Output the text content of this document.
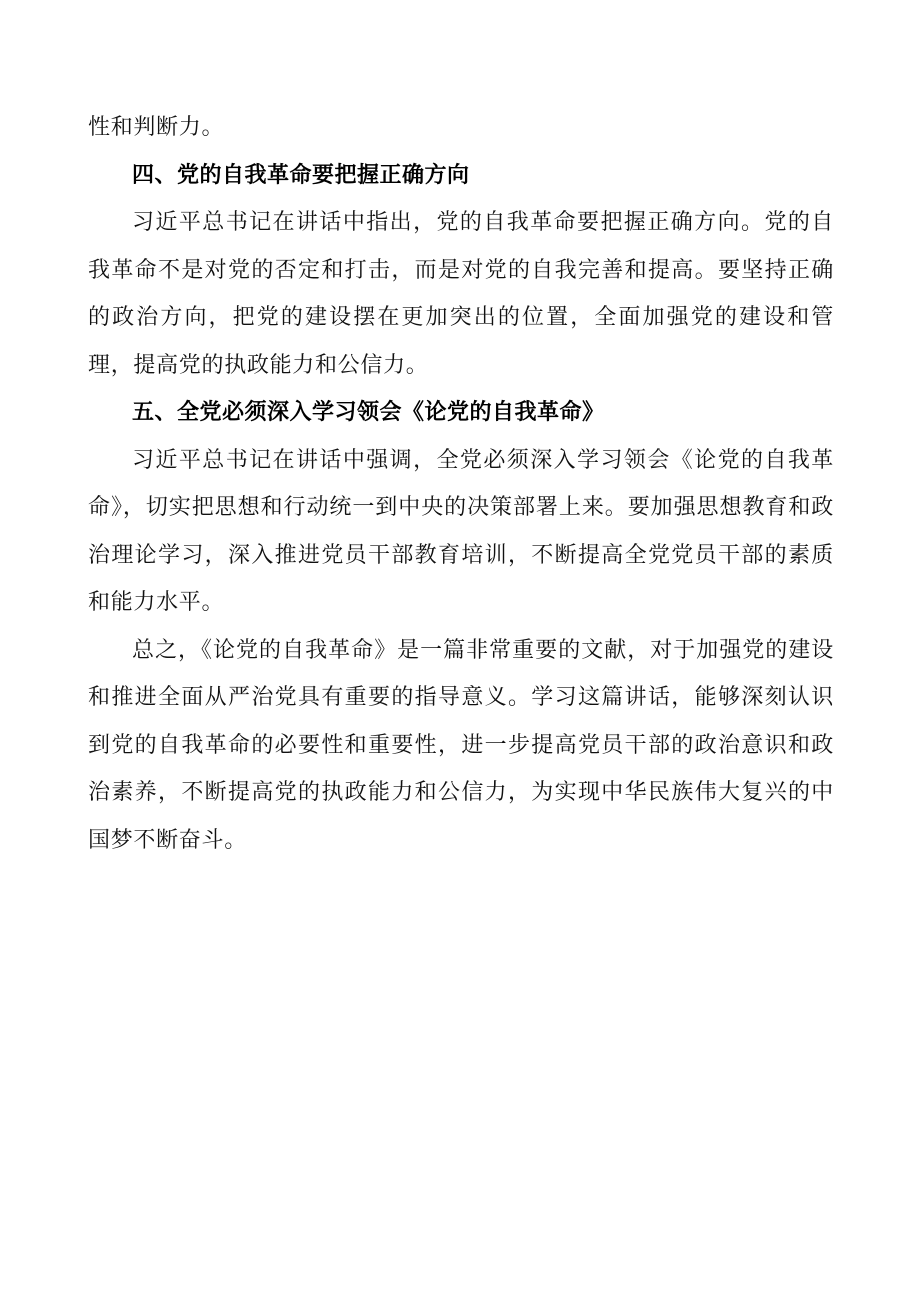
性和判断力。

四、党的自我革命要把握正确方向

习近平总书记在讲话中指出，党的自我革命要把握正确方向。党的自我革命不是对党的否定和打击，而是对党的自我完善和提高。要坚持正确的政治方向，把党的建设摆在更加突出的位置，全面加强党的建设和管理，提高党的执政能力和公信力。

五、全党必须深入学习领会《论党的自我革命》

习近平总书记在讲话中强调，全党必须深入学习领会《论党的自我革命》，切实把思想和行动统一到中央的决策部署上来。要加强思想教育和政治理论学习，深入推进党员干部教育培训，不断提高全党党员干部的素质和能力水平。

总之，《论党的自我革命》是一篇非常重要的文献，对于加强党的建设和推进全面从严治党具有重要的指导意义。学习这篇讲话，能够深刻认识到党的自我革命的必要性和重要性，进一步提高党员干部的政治意识和政治素养，不断提高党的执政能力和公信力，为实现中华民族伟大复兴的中国梦不断奋斗。
